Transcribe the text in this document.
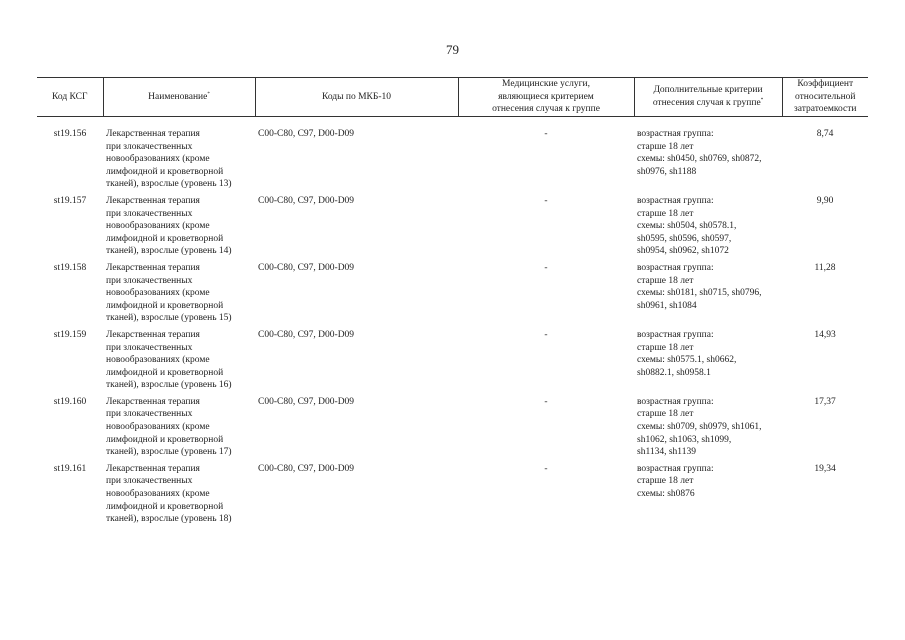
79
Код КСГ	Наименование*	Коды по МКБ-10	Медицинские услуги,
являющиеся критерием
отнесения случая к группе	Дополнительные критерии
отнесения случая к группе*	Коэффициент
относительной
затратоемкости

st19.156	Лекарственная терапия
при злокачественных
новообразованиях (кроме
лимфоидной и кроветворной
тканей), взрослые (уровень 13)	C00-C80, C97, D00-D09	-	возрастная группа:
старше 18 лет
схемы: sh0450, sh0769, sh0872,
sh0976, sh1188	8,74
st19.157	Лекарственная терапия
при злокачественных
новообразованиях (кроме
лимфоидной и кроветворной
тканей), взрослые (уровень 14)	C00-C80, C97, D00-D09	-	возрастная группа:
старше 18 лет
схемы: sh0504, sh0578.1,
sh0595, sh0596, sh0597,
sh0954, sh0962, sh1072	9,90
st19.158	Лекарственная терапия
при злокачественных
новообразованиях (кроме
лимфоидной и кроветворной
тканей), взрослые (уровень 15)	C00-C80, C97, D00-D09	-	возрастная группа:
старше 18 лет
схемы: sh0181, sh0715, sh0796,
sh0961, sh1084	11,28
st19.159	Лекарственная терапия
при злокачественных
новообразованиях (кроме
лимфоидной и кроветворной
тканей), взрослые (уровень 16)	C00-C80, C97, D00-D09	-	возрастная группа:
старше 18 лет
схемы: sh0575.1, sh0662,
sh0882.1, sh0958.1	14,93
st19.160	Лекарственная терапия
при злокачественных
новообразованиях (кроме
лимфоидной и кроветворной
тканей), взрослые (уровень 17)	C00-C80, C97, D00-D09	-	возрастная группа:
старше 18 лет
схемы: sh0709, sh0979, sh1061,
sh1062, sh1063, sh1099,
sh1134, sh1139	17,37
st19.161	Лекарственная терапия
при злокачественных
новообразованиях (кроме
лимфоидной и кроветворной
тканей), взрослые (уровень 18)	C00-C80, C97, D00-D09	-	возрастная группа:
старше 18 лет
схемы: sh0876	19,34
